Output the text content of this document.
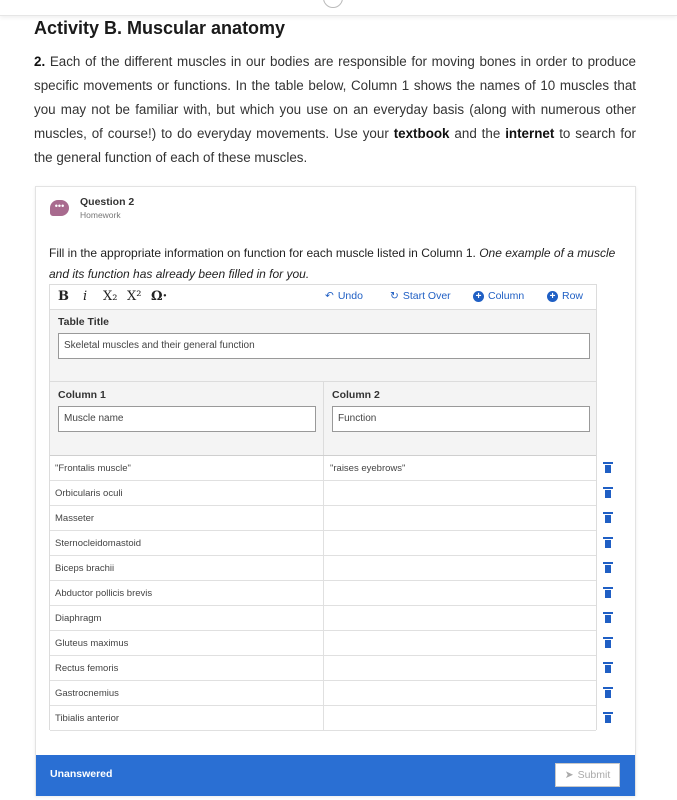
Activity B. Muscular anatomy

2. Each of the different muscles in our bodies are responsible for moving bones in order to produce specific movements or functions. In the table below, Column 1 shows the names of 10 muscles that you may not be familiar with, but which you use on an everyday basis (along with numerous other muscles, of course!) to do everyday movements. Use your textbook and the internet to search for the general function of each of these muscles.

•••	Question 2
Homework

Fill in the appropriate information on function for each muscle listed in Column 1. One example of a muscle and its function has already been filled in for you.

B i X₂ X² Ω·	↶ Undo	↻ Start Over + Column	+ Row
Table Title
Skeletal muscles and their general function
Column 1
Muscle name
Column 2
Function
"Frontalis muscle"	"raises eyebrows"
Orbicularis oculi
Masseter
Sternocleidomastoid
Biceps brachii
Abductor pollicis brevis
Diaphragm
Gluteus maximus
Rectus femoris
Gastrocnemius
Tibialis anterior
Unanswered	➤ Submit
